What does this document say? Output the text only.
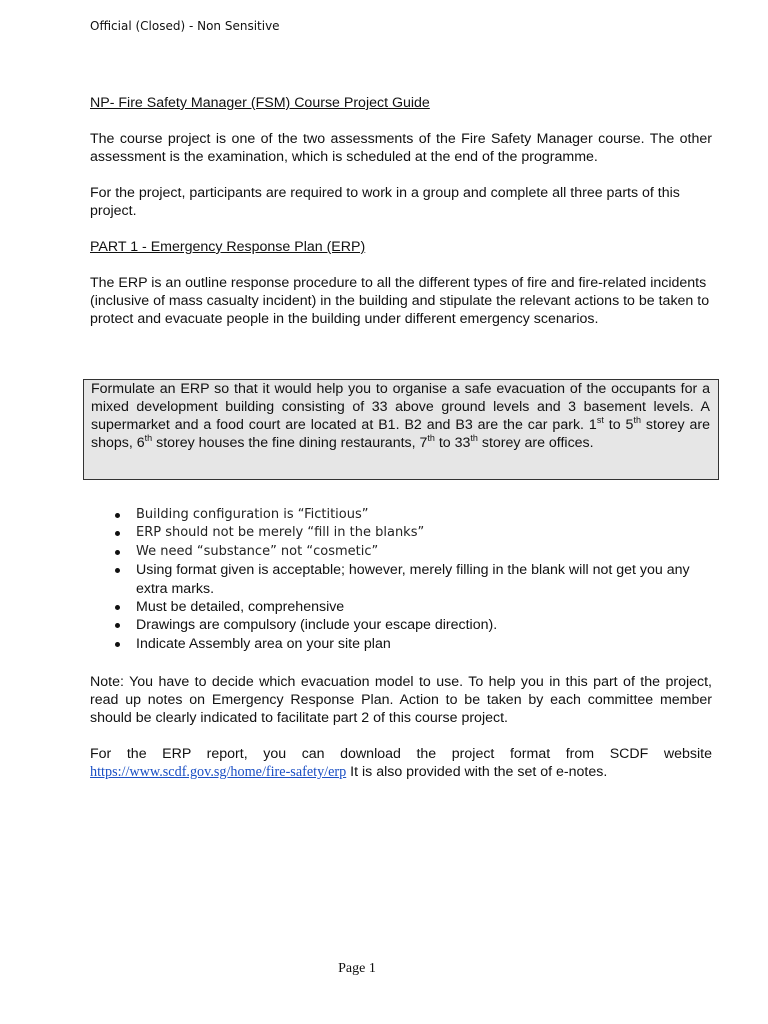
Official (Closed) - Non Sensitive

NP- Fire Safety Manager (FSM) Course Project Guide

The course project is one of the two assessments of the Fire Safety Manager course. The other assessment is the examination, which is scheduled at the end of the programme.

For the project, participants are required to work in a group and complete all three parts of this project.

PART 1 - Emergency Response Plan (ERP)

The ERP is an outline response procedure to all the different types of fire and fire-related incidents (inclusive of mass casualty incident) in the building and stipulate the relevant actions to be taken to protect and evacuate people in the building under different emergency scenarios.

Formulate an ERP so that it would help you to organise a safe evacuation of the occupants for a mixed development building consisting of 33 above ground levels and 3 basement levels. A supermarket and a food court are located at B1. B2 and B3 are the car park. 1st to 5th storey are shops, 6th storey houses the fine dining restaurants, 7th to 33th storey are offices.
Building configuration is “Fictitious”
ERP should not be merely “fill in the blanks”
We need “substance” not “cosmetic”
Using format given is acceptable; however, merely filling in the blank will not get you any extra marks.
Must be detailed, comprehensive
Drawings are compulsory (include your escape direction).
Indicate Assembly area on your site plan

Note: You have to decide which evacuation model to use. To help you in this part of the project, read up notes on Emergency Response Plan. Action to be taken by each committee member should be clearly indicated to facilitate part 2 of this course project.

For the ERP report, you can download the project format from SCDF website https://www.scdf.gov.sg/home/fire-safety/erp It is also provided with the set of e-notes.

Page 1
